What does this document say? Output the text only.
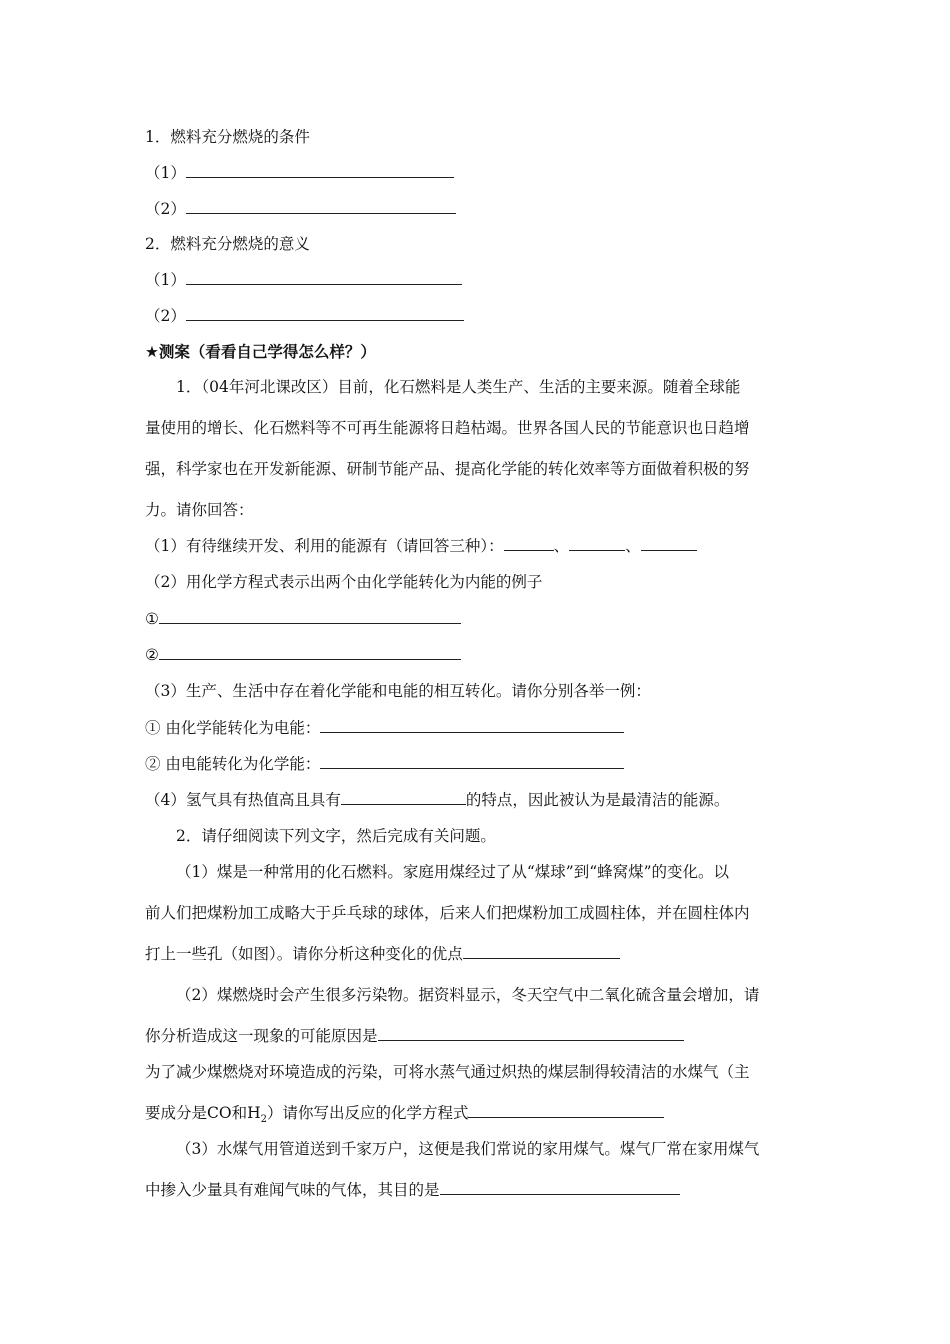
1．燃料充分燃烧的条件
（1）
（2）
2．燃料充分燃烧的意义
（1）
（2）
★测案（看看自己学得怎么样？）
1．（04年河北课改区）目前，化石燃料是人类生产、生活的主要来源。随着全球能
量使用的增长、化石燃料等不可再生能源将日趋枯竭。世界各国人民的节能意识也日趋增
强，科学家也在开发新能源、研制节能产品、提高化学能的转化效率等方面做着积极的努
力。请你回答：
（1）有待继续开发、利用的能源有（请回答三种）：	、	、
（2）用化学方程式表示出两个由化学能转化为内能的例子
①
②
（3）生产、生活中存在着化学能和电能的相互转化。请你分别各举一例：
① 由化学能转化为电能：
② 由电能转化为化学能：
（4）氢气具有热值高且具有	的特点，因此被认为是最清洁的能源。
2．请仔细阅读下列文字，然后完成有关问题。
（1）煤是一种常用的化石燃料。家庭用煤经过了从“煤球”到“蜂窝煤”的变化。以
前人们把煤粉加工成略大于乒乓球的球体，后来人们把煤粉加工成圆柱体，并在圆柱体内
打上一些孔（如图）。请你分析这种变化的优点
（2）煤燃烧时会产生很多污染物。据资料显示，冬天空气中二氧化硫含量会增加，请
你分析造成这一现象的可能原因是
为了减少煤燃烧对环境造成的污染，可将水蒸气通过炽热的煤层制得较清洁的水煤气（主
要成分是CO和$H_2$）请你写出反应的化学方程式
（3）水煤气用管道送到千家万户，这便是我们常说的家用煤气。煤气厂常在家用煤气
中掺入少量具有难闻气味的气体，其目的是
